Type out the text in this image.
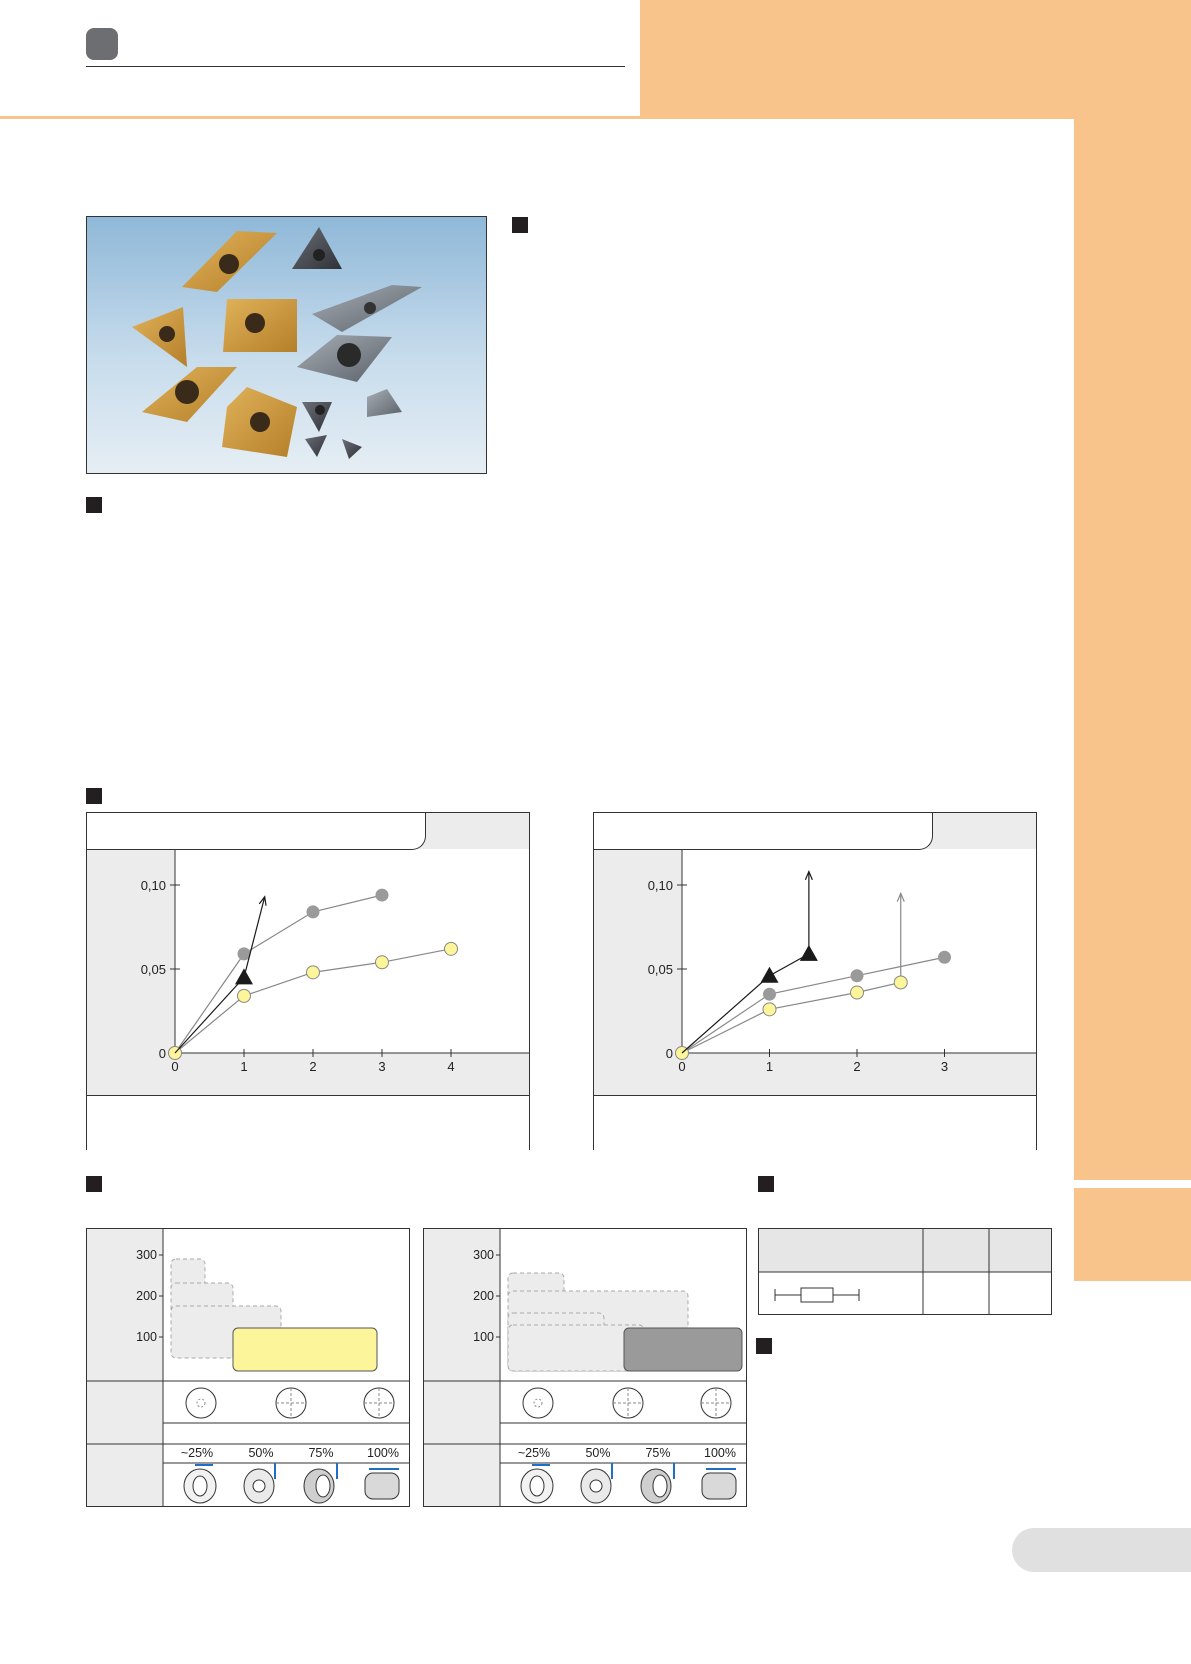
0
0,05
0,10
0	1	2	3	4
0
0,05
0,10
0	1	2	3
300
200
100
~25%	50%	75%	100%
300
200
100
~25%	50%	75%	100%
